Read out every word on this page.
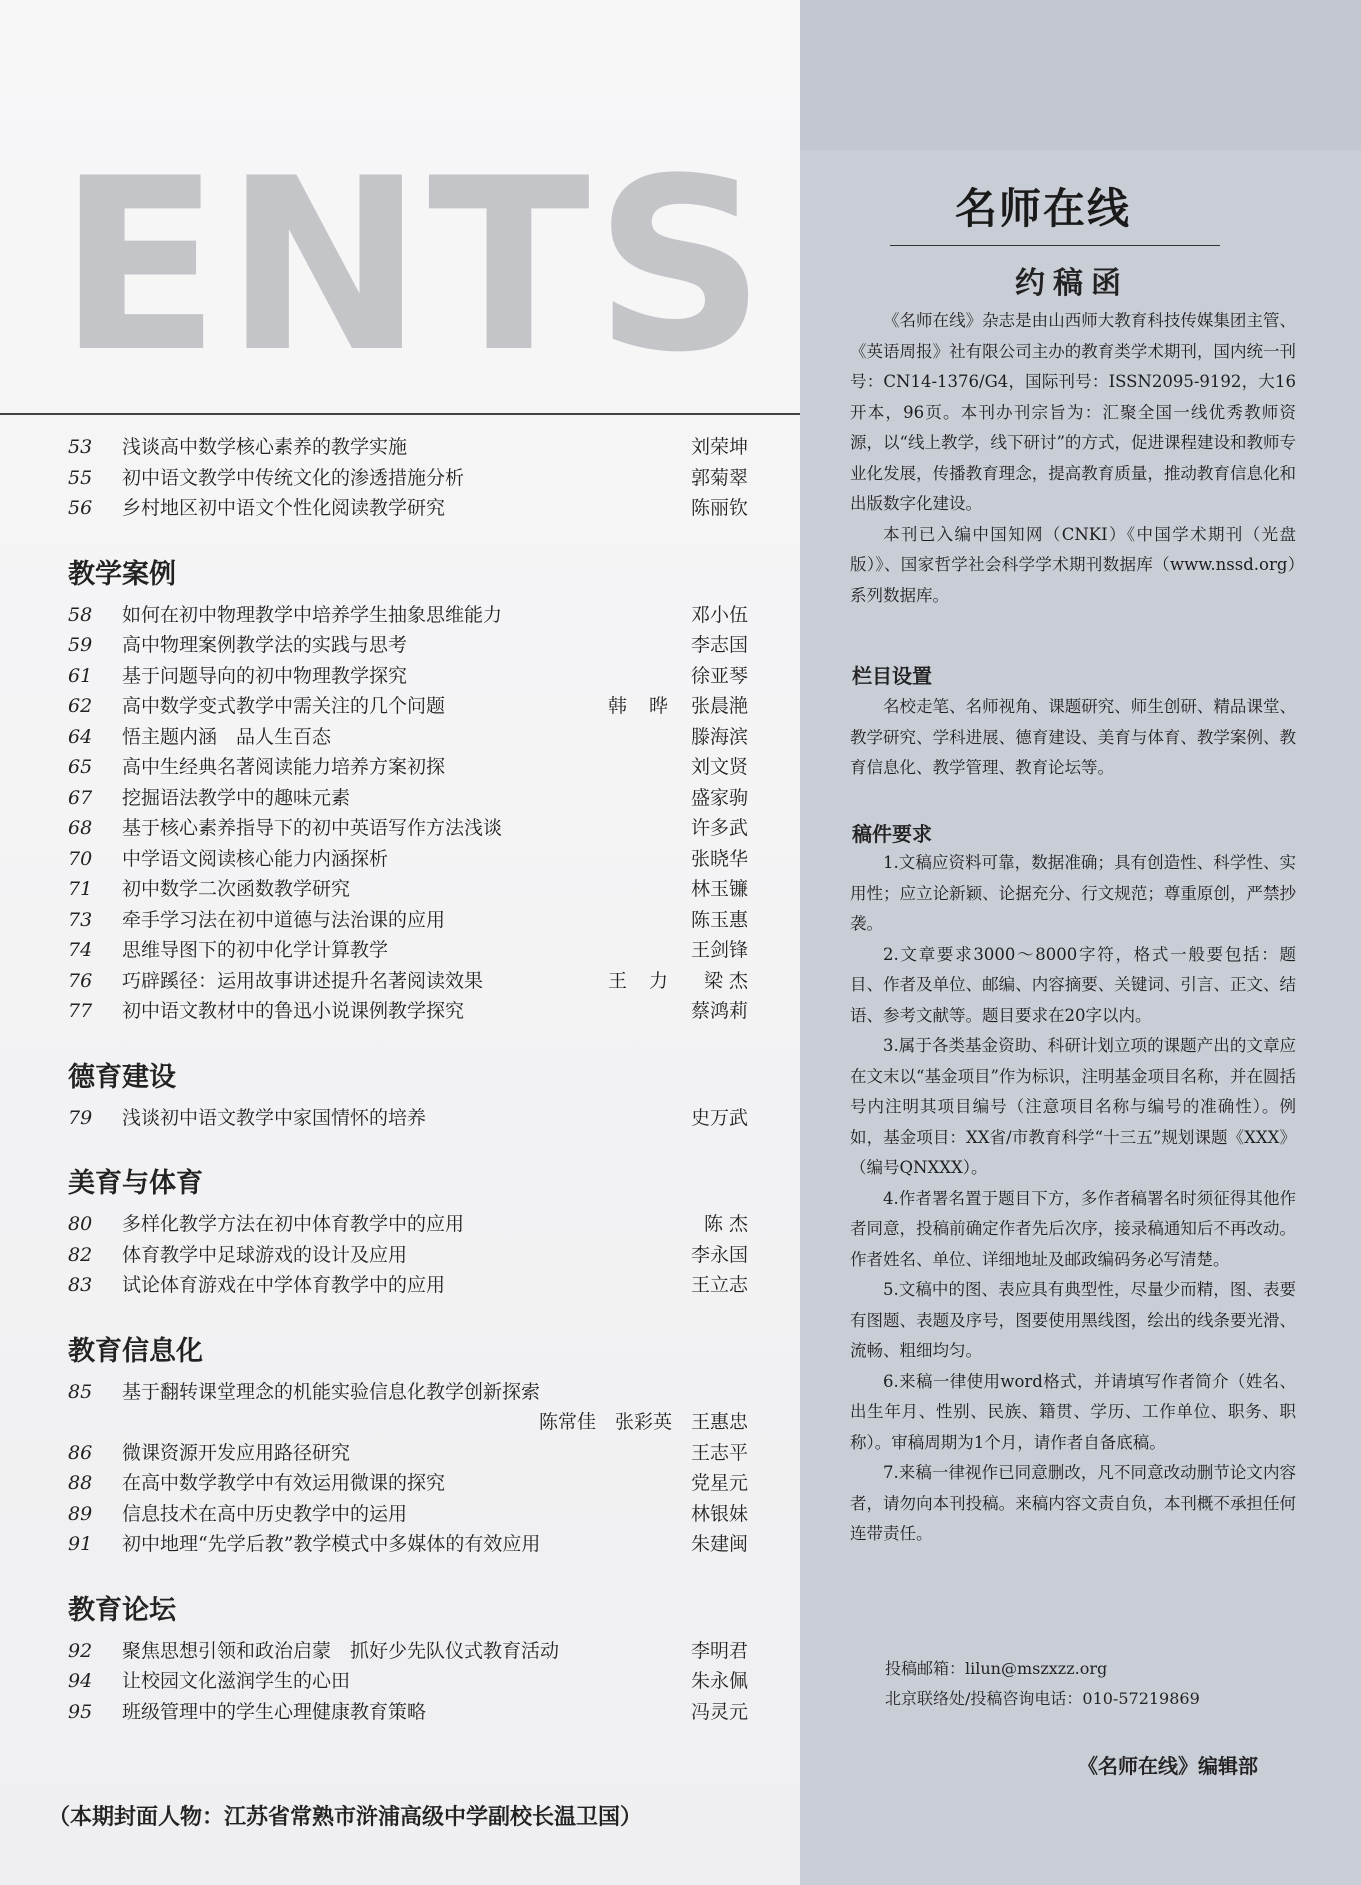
ENTS
53	浅谈高中数学核心素养的教学实施	刘荣坤
55	初中语文教学中传统文化的渗透措施分析	郭菊翠
56	乡村地区初中语文个性化阅读教学研究	陈丽钦
教学案例
58	如何在初中物理教学中培养学生抽象思维能力	邓小伍
59	高中物理案例教学法的实践与思考	李志国
61	基于问题导向的初中物理教学探究	徐亚琴
62	高中数学变式教学中需关注的几个问题	韩 晔 张晨滟
64	悟主题内涵　品人生百态	滕海滨
65	高中生经典名著阅读能力培养方案初探	刘文贤
67	挖掘语法教学中的趣味元素	盛家驹
68	基于核心素养指导下的初中英语写作方法浅谈	许多武
70	中学语文阅读核心能力内涵探析	张晓华
71	初中数学二次函数教学研究	林玉镰
73	牵手学习法在初中道德与法治课的应用	陈玉惠
74	思维导图下的初中化学计算教学	王剑锋
76	巧辟蹊径：运用故事讲述提升名著阅读效果	王 力	梁 杰
77	初中语文教材中的鲁迅小说课例教学探究	蔡鸿莉
德育建设
79	浅谈初中语文教学中家国情怀的培养	史万武
美育与体育
80	多样化教学方法在初中体育教学中的应用	陈 杰
82	体育教学中足球游戏的设计及应用	李永国
83	试论体育游戏在中学体育教学中的应用	王立志
教育信息化
85	基于翻转课堂理念的机能实验信息化教学创新探索
陈常佳　张彩英　王惠忠
86	微课资源开发应用路径研究	王志平
88	在高中数学教学中有效运用微课的探究	党星元
89	信息技术在高中历史教学中的运用	林银妹
91	初中地理“先学后教”教学模式中多媒体的有效应用	朱建闽
教育论坛
92	聚焦思想引领和政治启蒙　抓好少先队仪式教育活动	李明君
94	让校园文化滋润学生的心田	朱永佩
95	班级管理中的学生心理健康教育策略	冯灵元
（本期封面人物：江苏省常熟市浒浦高级中学副校长温卫国）
名师在线
约稿函

《名师在线》杂志是由山西师大教育科技传媒集团主管、《英语周报》社有限公司主办的教育类学术期刊，国内统一刊号：CN14-1376/G4，国际刊号：ISSN2095-9192，大16开本，96页。本刊办刊宗旨为：汇聚全国一线优秀教师资源，以“线上教学，线下研讨”的方式，促进课程建设和教师专业化发展，传播教育理念，提高教育质量，推动教育信息化和出版数字化建设。

本刊已入编中国知网（CNKI）《中国学术期刊（光盘版）》、国家哲学社会科学学术期刊数据库（www.nssd.org）系列数据库。

栏目设置

名校走笔、名师视角、课题研究、师生创研、精品课堂、教学研究、学科进展、德育建设、美育与体育、教学案例、教育信息化、教学管理、教育论坛等。

稿件要求

1.文稿应资料可靠，数据准确；具有创造性、科学性、实用性；应立论新颖、论据充分、行文规范；尊重原创，严禁抄袭。

2.文章要求3000～8000字符，格式一般要包括：题目、作者及单位、邮编、内容摘要、关键词、引言、正文、结语、参考文献等。题目要求在20字以内。

3.属于各类基金资助、科研计划立项的课题产出的文章应在文末以“基金项目”作为标识，注明基金项目名称，并在圆括号内注明其项目编号（注意项目名称与编号的准确性）。例如，基金项目：XX省/市教育科学“十三五”规划课题《XXX》（编号QNXXX）。

4.作者署名置于题目下方，多作者稿署名时须征得其他作者同意，投稿前确定作者先后次序，接录稿通知后不再改动。作者姓名、单位、详细地址及邮政编码务必写清楚。

5.文稿中的图、表应具有典型性，尽量少而精，图、表要有图题、表题及序号，图要使用黑线图，绘出的线条要光滑、流畅、粗细均匀。

6.来稿一律使用word格式，并请填写作者简介（姓名、出生年月、性别、民族、籍贯、学历、工作单位、职务、职称）。审稿周期为1个月，请作者自备底稿。

7.来稿一律视作已同意删改，凡不同意改动删节论文内容者，请勿向本刊投稿。来稿内容文责自负，本刊概不承担任何连带责任。

投稿邮箱：lilun@mszxzz.org
北京联络处/投稿咨询电话：010-57219869
《名师在线》编辑部
